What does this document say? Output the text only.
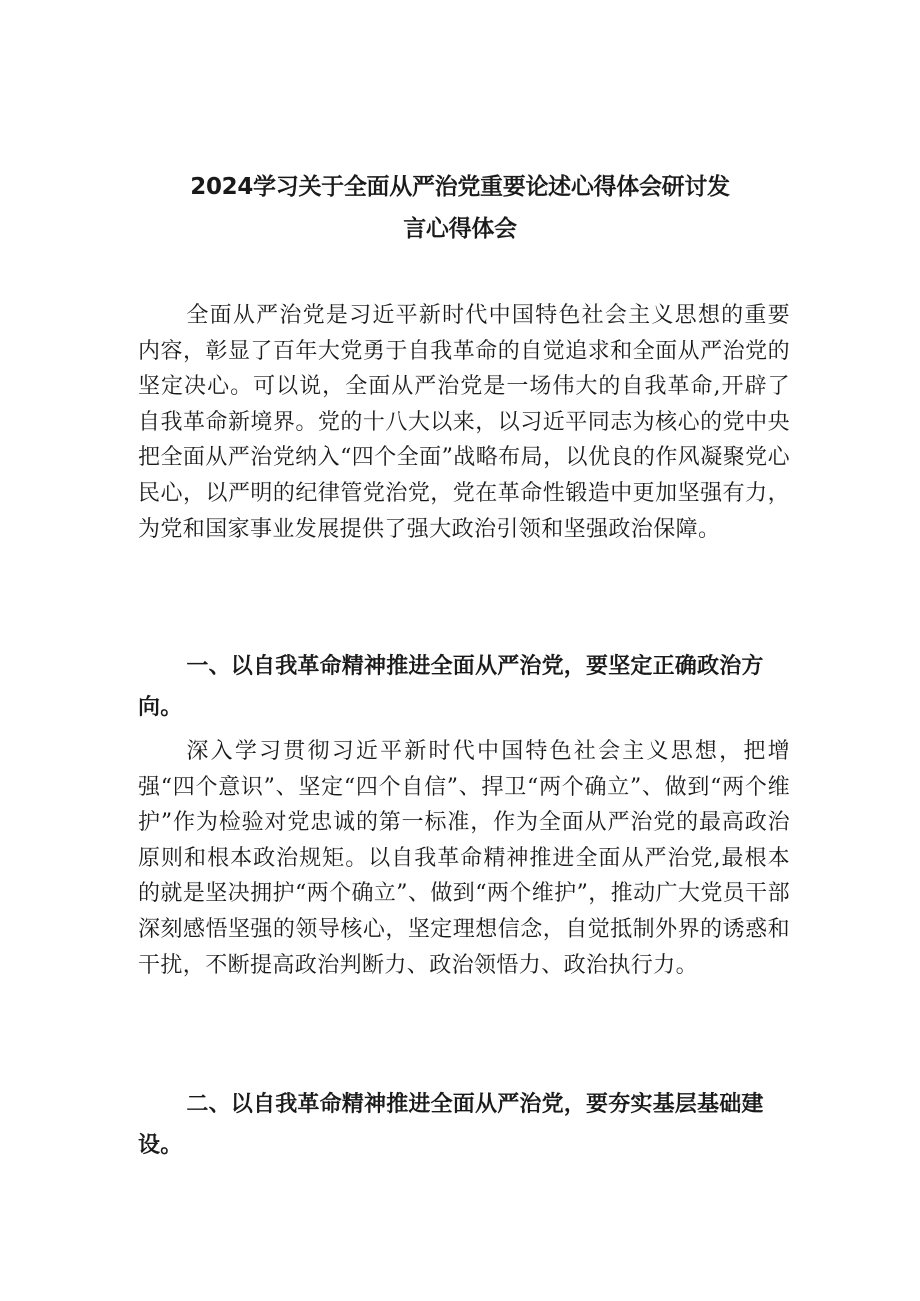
2024学习关于全面从严治党重要论述心得体会研讨发
言心得体会

全面从严治党是习近平新时代中国特色社会主义思想的重要内容，彰显了百年大党勇于自我革命的自觉追求和全面从严治党的坚定决心。可以说，全面从严治党是一场伟大的自我革命,开辟了自我革命新境界。党的十八大以来，以习近平同志为核心的党中央把全面从严治党纳入“四个全面”战略布局，以优良的作风凝聚党心民心，以严明的纪律管党治党，党在革命性锻造中更加坚强有力，为党和国家事业发展提供了强大政治引领和坚强政治保障。

一、以自我革命精神推进全面从严治党，要坚定正确政治方向。

深入学习贯彻习近平新时代中国特色社会主义思想，把增强“四个意识”、坚定“四个自信”、捍卫“两个确立”、做到“两个维护”作为检验对党忠诚的第一标准，作为全面从严治党的最高政治原则和根本政治规矩。以自我革命精神推进全面从严治党,最根本的就是坚决拥护“两个确立”、做到“两个维护”，推动广大党员干部深刻感悟坚强的领导核心，坚定理想信念，自觉抵制外界的诱惑和干扰，不断提高政治判断力、政治领悟力、政治执行力。

二、以自我革命精神推进全面从严治党，要夯实基层基础建设。
